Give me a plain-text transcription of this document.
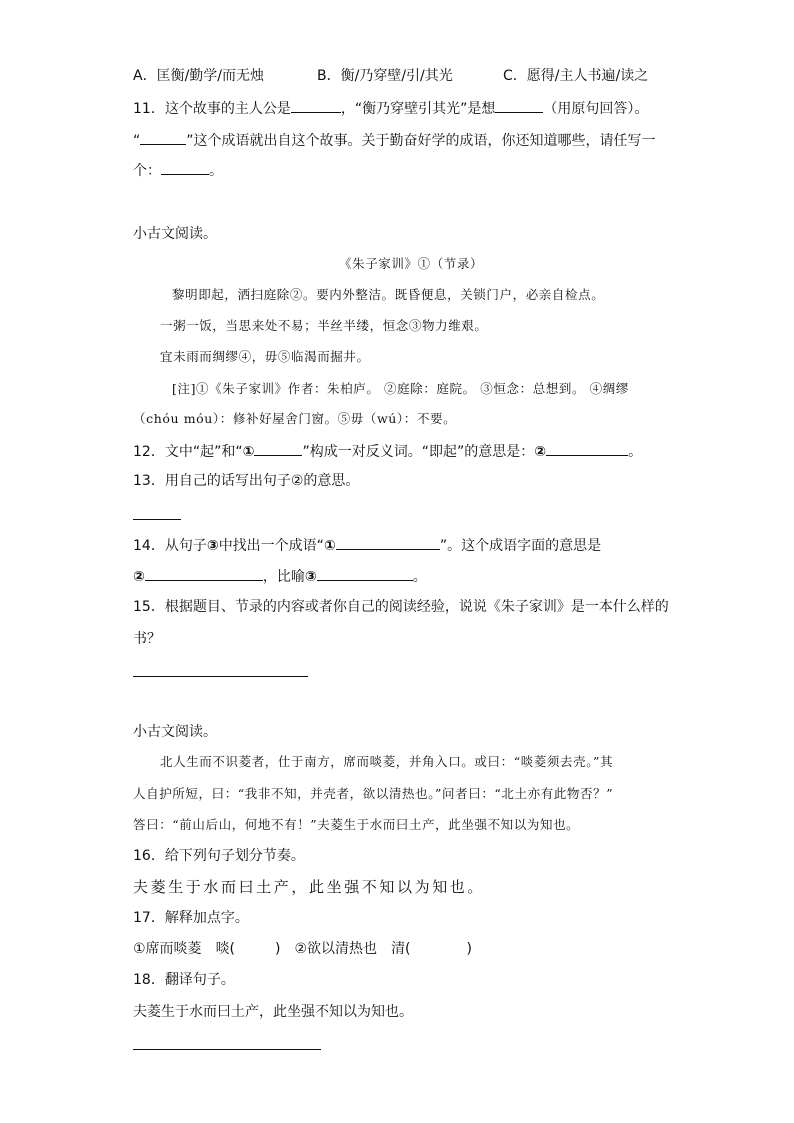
A．匡衡/勤学/而无烛	B．衡/乃穿壁/引/其光	C．愿得/主人书遍/读之
11．这个故事的主人公是	，“衡乃穿壁引其光”是想	（用原句回答）。
“	”这个成语就出自这个故事。关于勤奋好学的成语，你还知道哪些，请任写一
个：	。
小古文阅读。
《朱子家训》①（节录）
黎明即起，洒扫庭除②。要内外整洁。既昏便息，关锁门户，必亲自检点。
一粥一饭，当思来处不易；半丝半缕，恒念③物力维艰。
宜未雨而绸缪④，毋⑤临渴而掘井。
[注]①《朱子家训》作者：朱柏庐。 ②庭除：庭院。 ③恒念：总想到。 ④绸缪
（chóu móu）：修补好屋舍门窗。⑤毋（wú）：不要。
12．文中“起”和“①	”构成一对反义词。“即起”的意思是：②	。
13．用自己的话写出句子②的意思。
14．从句子③中找出一个成语“①	”。这个成语字面的意思是
②	，比喻③	。
15．根据题目、节录的内容或者你自己的阅读经验，说说《朱子家训》是一本什么样的
书？
小古文阅读。
北人生而不识菱者，仕于南方，席而啖菱，并角入口。或曰：“啖菱须去壳。”其
人自护所短，曰：“我非不知，并壳者，欲以清热也。”问者曰：“北土亦有此物否？”
答曰：“前山后山，何地不有！”夫菱生于水而曰土产，此坐强不知以为知也。
16．给下列句子划分节奏。
夫菱生于水而曰土产，此坐强不知以为知也。
17．解释加点字。
①席而啖菱 啖(	) ②欲以清热也 清(	)
18．翻译句子。
夫菱生于水而曰土产，此坐强不知以为知也。
